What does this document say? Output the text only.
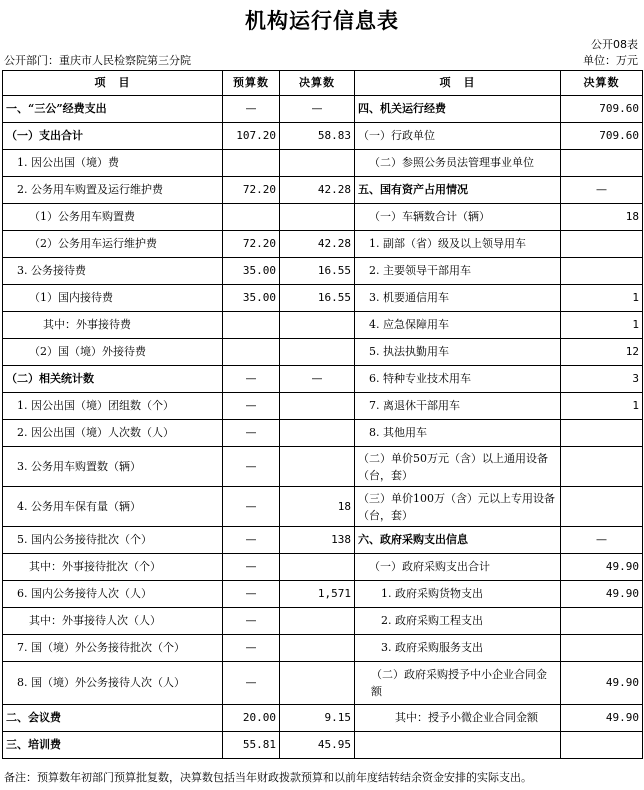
机构运行信息表
公开08表
公开部门：重庆市人民检察院第三分院	单位：万元
项　目	预算数	决算数	项　目	决算数
一、“三公”经费支出	—	—	四、机关运行经费	709.60
（一）支出合计	107.20	58.83	（一）行政单位	709.60
1. 因公出国（境）费			（二）参照公务员法管理事业单位	
2. 公务用车购置及运行维护费	72.20	42.28	五、国有资产占用情况	—
（1）公务用车购置费			（一）车辆数合计（辆）	18
（2）公务用车运行维护费	72.20	42.28	1. 副部（省）级及以上领导用车	
3. 公务接待费	35.00	16.55	2. 主要领导干部用车	
（1）国内接待费	35.00	16.55	3. 机要通信用车	1
其中：外事接待费			4. 应急保障用车	1
（2）国（境）外接待费			5. 执法执勤用车	12
（二）相关统计数	—	—	6. 特种专业技术用车	3
1. 因公出国（境）团组数（个）	—		7. 离退休干部用车	1
2. 因公出国（境）人次数（人）	—		8. 其他用车	
3. 公务用车购置数（辆）	—		（二）单价50万元（含）以上通用设备（台，套）	
4. 公务用车保有量（辆）	—	18	（三）单价100万（含）元以上专用设备（台，套）	
5. 国内公务接待批次（个）	—	138	六、政府采购支出信息	—
其中：外事接待批次（个）	—		（一）政府采购支出合计	49.90
6. 国内公务接待人次（人）	—	1,571	1. 政府采购货物支出	49.90
其中：外事接待人次（人）	—		2. 政府采购工程支出	
7. 国（境）外公务接待批次（个）	—		3. 政府采购服务支出	
8. 国（境）外公务接待人次（人）	—		（二）政府采购授予中小企业合同金额	49.90
二、会议费	20.00	9.15	其中：授予小微企业合同金额	49.90
三、培训费	55.81	45.95		
备注：预算数年初部门预算批复数，决算数包括当年财政拨款预算和以前年度结转结余资金安排的实际支出。
